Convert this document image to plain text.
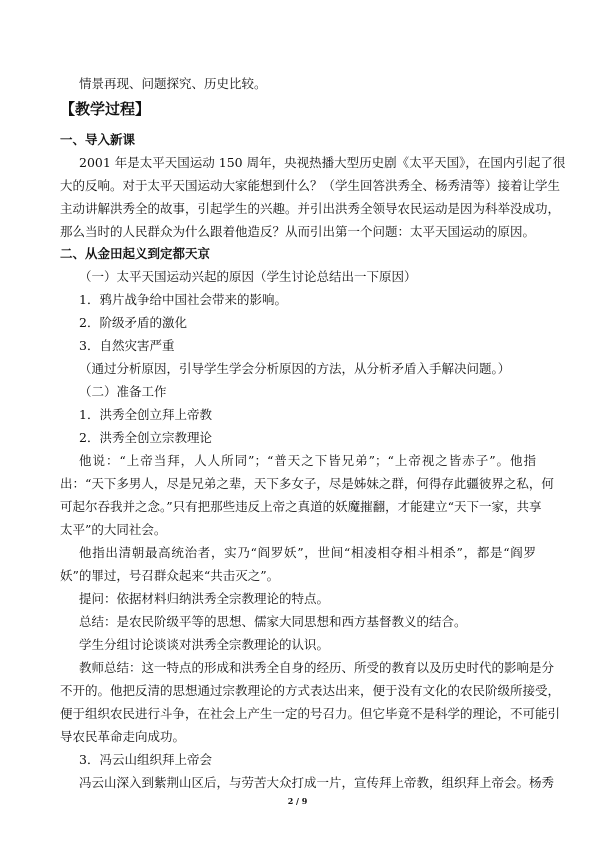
情景再现、问题探究、历史比较。
【教学过程】
一、导入新课
2001 年是太平天国运动 150 周年，央视热播大型历史剧《太平天国》，在国内引起了很
大的反响。对于太平天国运动大家能想到什么？（学生回答洪秀全、杨秀清等）接着让学生
主动讲解洪秀全的故事，引起学生的兴趣。并引出洪秀全领导农民运动是因为科举没成功，
那么当时的人民群众为什么跟着他造反？从而引出第一个问题：太平天国运动的原因。
二、从金田起义到定都天京
（一）太平天国运动兴起的原因（学生讨论总结出一下原因）
1．鸦片战争给中国社会带来的影响。
2．阶级矛盾的激化
3．自然灾害严重
（通过分析原因，引导学生学会分析原因的方法，从分析矛盾入手解决问题。）
（二）准备工作
1．洪秀全创立拜上帝教
2．洪秀全创立宗教理论
他说：“上帝当拜，人人所同”；“普天之下皆兄弟”；“上帝视之皆赤子”。他指
出：“天下多男人，尽是兄弟之辈，天下多女子，尽是姊妹之群，何得存此疆彼界之私，何
可起尔吞我并之念。”只有把那些违反上帝之真道的妖魔摧翻，才能建立“天下一家，共享
太平”的大同社会。
他指出清朝最高统治者，实乃“阎罗妖”，世间“相凌相夺相斗相杀”，都是“阎罗
妖”的罪过，号召群众起来“共击灭之”。
提问：依据材料归纳洪秀全宗教理论的特点。
总结：是农民阶级平等的思想、儒家大同思想和西方基督教义的结合。
学生分组讨论谈谈对洪秀全宗教理论的认识。
教师总结：这一特点的形成和洪秀全自身的经历、所受的教育以及历史时代的影响是分
不开的。他把反清的思想通过宗教理论的方式表达出来，便于没有文化的农民阶级所接受，
便于组织农民进行斗争，在社会上产生一定的号召力。但它毕竟不是科学的理论，不可能引
导农民革命走向成功。
3．冯云山组织拜上帝会
冯云山深入到紫荆山区后，与劳苦大众打成一片，宣传拜上帝教，组织拜上帝会。杨秀
2 / 9
